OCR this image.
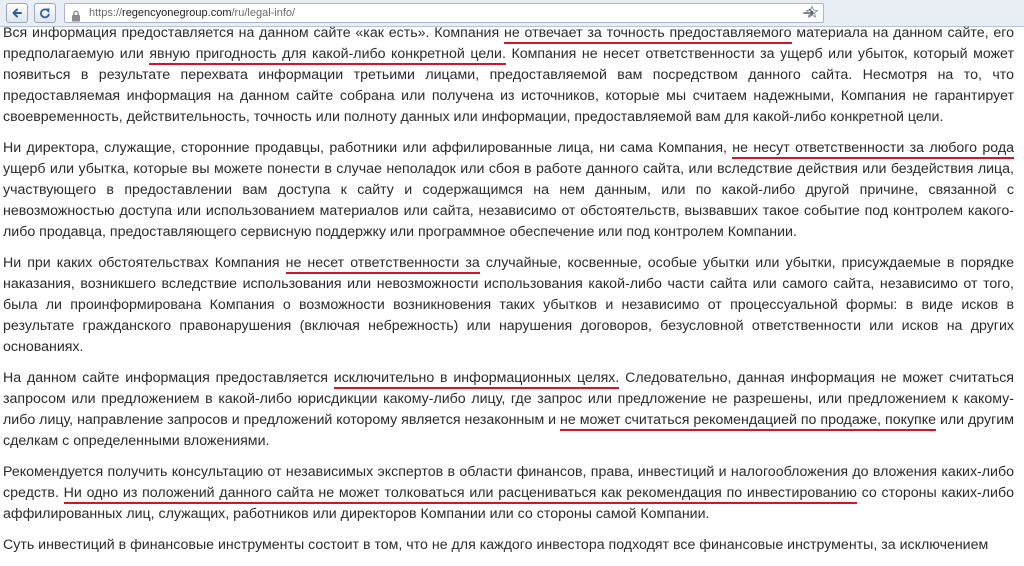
https://regencyonegroup.com/ru/legal-info/

Вся информация предоставляется на данном сайте «как есть». Компания не отвечает за точность предоставляемого материала на данном сайте, его предполагаемую или явную пригодность для какой-либо конкретной цели. Компания не несет ответственности за ущерб или убыток, который может появиться в результате перехвата информации третьими лицами, предоставляемой вам посредством данного сайта. Несмотря на то, что предоставляемая информация на данном сайте собрана или получена из источников, которые мы считаем надежными, Компания не гарантирует своевременность, действительность, точность или полноту данных или информации, предоставляемой вам для какой-либо конкретной цели.

Ни директора, служащие, сторонние продавцы, работники или аффилированные лица, ни сама Компания, не несут ответственности за любого рода ущерб или убытка, которые вы можете понести в случае неполадок или сбоя в работе данного сайта, или вследствие действия или бездействия лица, участвующего в предоставлении вам доступа к сайту и содержащимся на нем данным, или по какой-либо другой причине, связанной с невозможностью доступа или использованием материалов или сайта, независимо от обстоятельств, вызвавших такое событие под контролем какого-либо продавца, предоставляющего сервисную поддержку или программное обеспечение или под контролем Компании.

Ни при каких обстоятельствах Компания не несет ответственности за случайные, косвенные, особые убытки или убытки, присуждаемые в порядке наказания, возникшего вследствие использования или невозможности использования какой-либо части сайта или самого сайта, независимо от того, была ли проинформирована Компания о возможности возникновения таких убытков и независимо от процессуальной формы: в виде исков в результате гражданского правонарушения (включая небрежность) или нарушения договоров, безусловной ответственности или исков на других основаниях.

На данном сайте информация предоставляется исключительно в информационных целях. Следовательно, данная информация не может считаться запросом или предложением в какой-либо юрисдикции какому-либо лицу, где запрос или предложение не разрешены, или предложением к какому-либо лицу, направление запросов и предложений которому является незаконным и не может считаться рекомендацией по продаже, покупке или другим сделкам с определенными вложениями.

Рекомендуется получить консультацию от независимых экспертов в области финансов, права, инвестиций и налогообложения до вложения каких-либо средств. Ни одно из положений данного сайта не может толковаться или расцениваться как рекомендация по инвестированию со стороны каких-либо аффилированных лиц, служащих, работников или директоров Компании или со стороны самой Компании.

Суть инвестиций в финансовые инструменты состоит в том, что не для каждого инвестора подходят все финансовые инструменты, за исключением
